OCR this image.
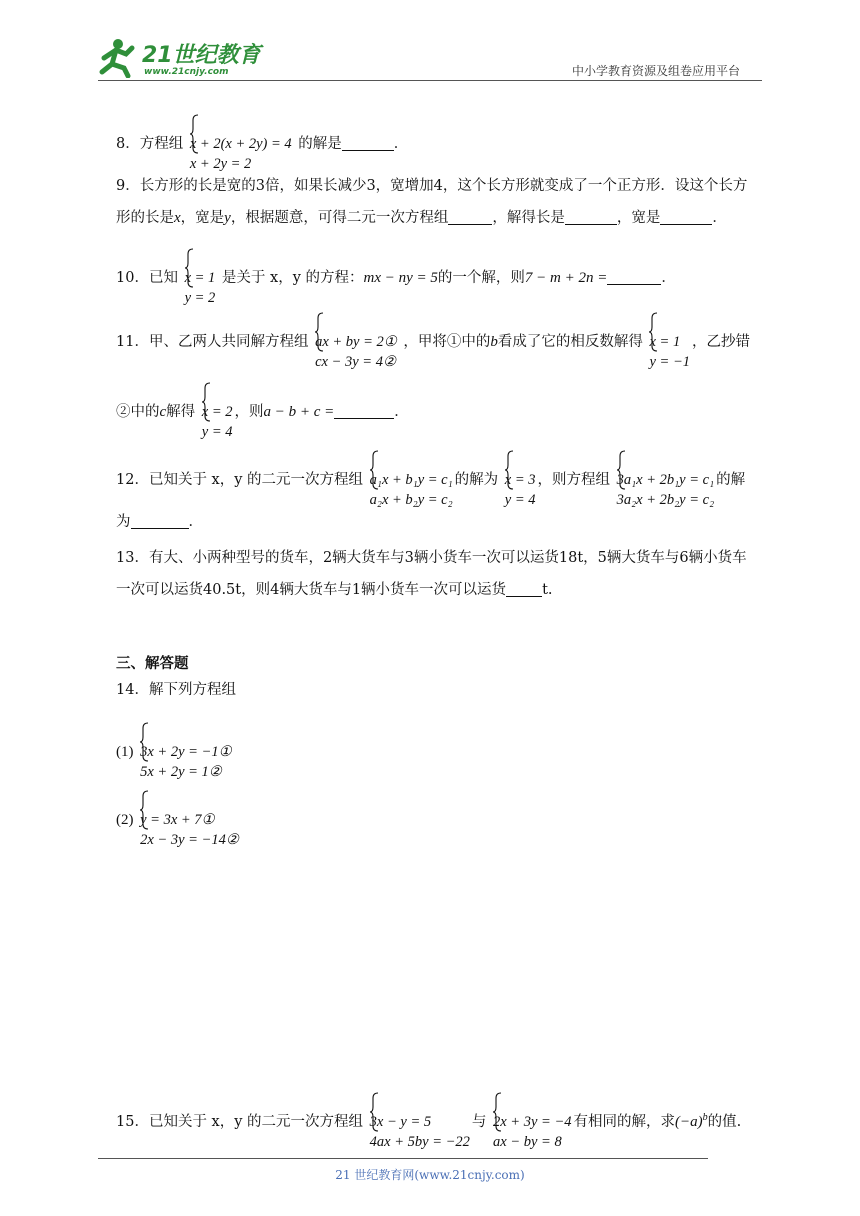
21世纪教育
www.21cnjy.com	中小学教育资源及组卷应用平台
8．方程组 x + 2(x + 2y) = 4
x + 2y = 2
的解是	．
9．长方形的长是宽的3倍，如果长减少3，宽增加4，这个长方形就变成了一个正方形．设这个长方
形的长是x，宽是y，根据题意，可得二元一次方程组	，解得长是	，宽是	．
10．已知 x = 1
y = 2
是关于 x，y 的方程：mx − ny = 5的一个解，则7 − m + 2n =	．
11．甲、乙两人共同解方程组 ax + by = 2①
cx − 3y = 4②
，甲将①中的b看成了它的相反数解得 x = 1
y = −1
，乙抄错
②中的c解得 x = 2
y = 4
，则a − b + c =	．
12．已知关于 x，y 的二元一次方程组 a₁x + b₁y = c₁
a₂x + b₂y = c₂
的解为 x = 3
y = 4
，则方程组 3a₁x + 2b₁y = c₁
3a₂x + 2b₂y = c₂
的解
为	．
13．有大、小两种型号的货车，2辆大货车与3辆小货车一次可以运货18t，5辆大货车与6辆小货车
一次可以运货40.5t，则4辆大货车与1辆小货车一次可以运货 t.
三、解答题
14．解下列方程组
(1) 3x + 2y = −1①
5x + 2y = 1②
(2) y = 3x + 7①
2x − 3y = −14②
15．已知关于 x，y 的二元一次方程组 3x − y = 5
4ax + 5by = −22
与 2x + 3y = −4
ax − by = 8
有相同的解，求$(-a)^b$的值.
21 世纪教育网(www.21cnjy.com)
